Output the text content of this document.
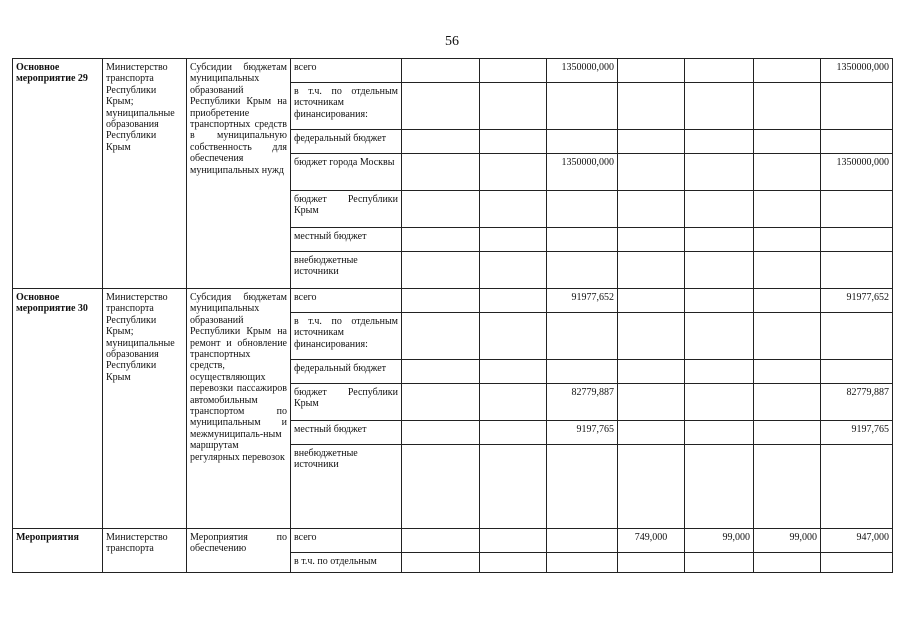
56
Основное мероприятие 29	Министерство транспорта Республики Крым; муниципальные образования Республики Крым	Субсидии бюджетам муниципальных образований Республики Крым на приобретение транспортных средств в муниципальную собственность для обеспечения муниципальных нужд	всего			1350000,000				1350000,000
			в т.ч. по отдельным источникам финансирования:							
			федеральный бюджет							
			бюджет города Москвы			1350000,000				1350000,000
			бюджет Республики Крым							
			местный бюджет							
			внебюджетные источники							
Основное мероприятие 30	Министерство транспорта Республики Крым; муниципальные образования Республики Крым	Субсидия бюджетам муниципальных образований Республики Крым на ремонт и обновление транспортных средств, осуществляющих перевозки пассажиров автомобильным транспортом по муниципальным и межмуниципаль-ным маршрутам регулярных перевозок	всего			91977,652				91977,652
			в т.ч. по отдельным источникам финансирования:							
			федеральный бюджет							
			бюджет Республики Крым			82779,887				82779,887
			местный бюджет			9197,765				9197,765
			внебюджетные источники							
Мероприятия	Министерство транспорта	Мероприятия по обеспечению	всего				749,000	99,000	99,000	947,000
			в т.ч. по отдельным							
